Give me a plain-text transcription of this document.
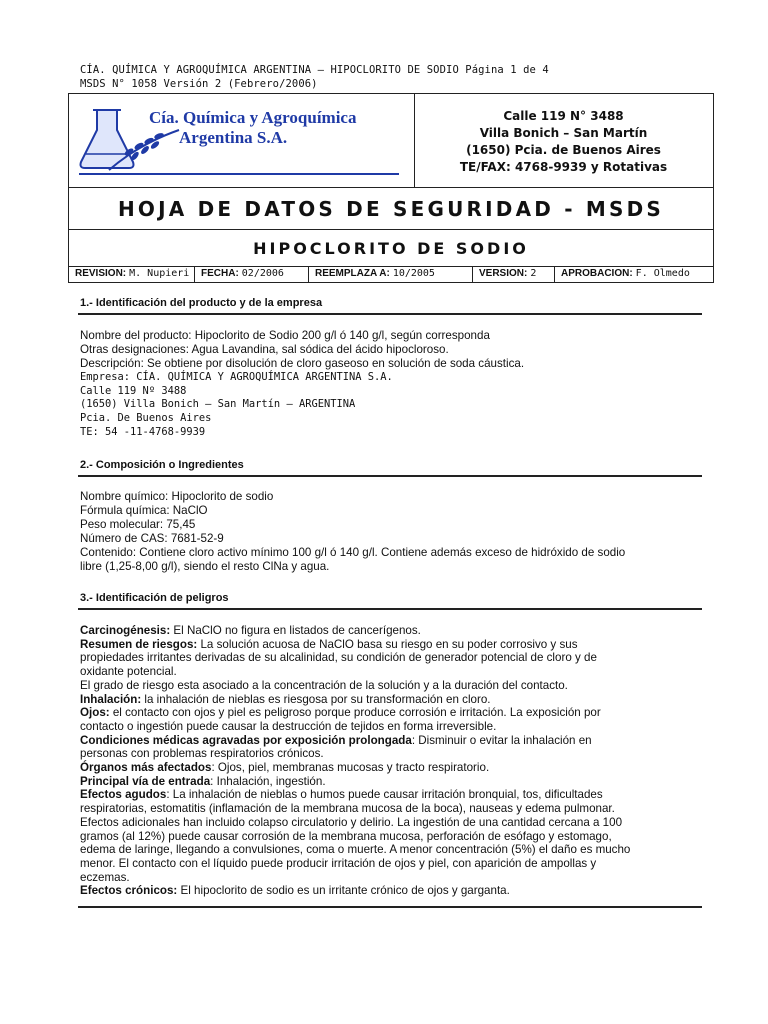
CÍA. QUÍMICA Y AGROQUÍMICA ARGENTINA – HIPOCLORITO DE SODIO Página 1 de 4
MSDS N° 1058 Versión 2 (Febrero/2006)
Cía. Química y Agroquímica
Argentina S.A.
Calle 119 N° 3488
Villa Bonich – San Martín
(1650) Pcia. de Buenos Aires
TE/FAX: 4768-9939 y Rotativas
HOJA DE DATOS DE SEGURIDAD - MSDS
HIPOCLORITO DE SODIO
REVISION: M. Nupieri	FECHA: 02/2006	REEMPLAZA A: 10/2005	VERSION: 2	APROBACION: F. Olmedo
1.- Identificación del producto y de la empresa
Nombre del producto: Hipoclorito de Sodio 200 g/l ó 140 g/l, según corresponda
Otras designaciones: Agua Lavandina, sal sódica del ácido hipocloroso.
Descripción: Se obtiene por disolución de cloro gaseoso en solución de soda cáustica.
Empresa: CÍA. QUÍMICA Y AGROQUÍMICA ARGENTINA S.A.
Calle 119 Nº 3488
(1650) Villa Bonich – San Martín – ARGENTINA
Pcia. De Buenos Aires
TE: 54 -11-4768-9939
2.- Composición o Ingredientes
Nombre químico: Hipoclorito de sodio
Fórmula química: NaClO
Peso molecular: 75,45
Número de CAS: 7681-52-9
Contenido: Contiene cloro activo mínimo 100 g/l ó 140 g/l. Contiene además exceso de hidróxido de sodio
libre (1,25-8,00 g/l), siendo el resto ClNa y agua.
3.- Identificación de peligros
Carcinogénesis: El NaClO no figura en listados de cancerígenos.
Resumen de riesgos: La solución acuosa de NaClO basa su riesgo en su poder corrosivo y sus
propiedades irritantes derivadas de su alcalinidad, su condición de generador potencial de cloro y de
oxidante potencial.
El grado de riesgo esta asociado a la concentración de la solución y a la duración del contacto.
Inhalación: la inhalación de nieblas es riesgosa por su transformación en cloro.
Ojos: el contacto con ojos y piel es peligroso porque produce corrosión e irritación. La exposición por
contacto o ingestión puede causar la destrucción de tejidos en forma irreversible.
Condiciones médicas agravadas por exposición prolongada: Disminuir o evitar la inhalación en
personas con problemas respiratorios crónicos.
Órganos más afectados: Ojos, piel, membranas mucosas y tracto respiratorio.
Principal vía de entrada: Inhalación, ingestión.
Efectos agudos: La inhalación de nieblas o humos puede causar irritación bronquial, tos, dificultades
respiratorias, estomatitis (inflamación de la membrana mucosa de la boca), nauseas y edema pulmonar.
Efectos adicionales han incluido colapso circulatorio y delirio. La ingestión de una cantidad cercana a 100
gramos (al 12%) puede causar corrosión de la membrana mucosa, perforación de esófago y estomago,
edema de laringe, llegando a convulsiones, coma o muerte. A menor concentración (5%) el daño es mucho
menor. El contacto con el líquido puede producir irritación de ojos y piel, con aparición de ampollas y
eczemas.
Efectos crónicos: El hipoclorito de sodio es un irritante crónico de ojos y garganta.
